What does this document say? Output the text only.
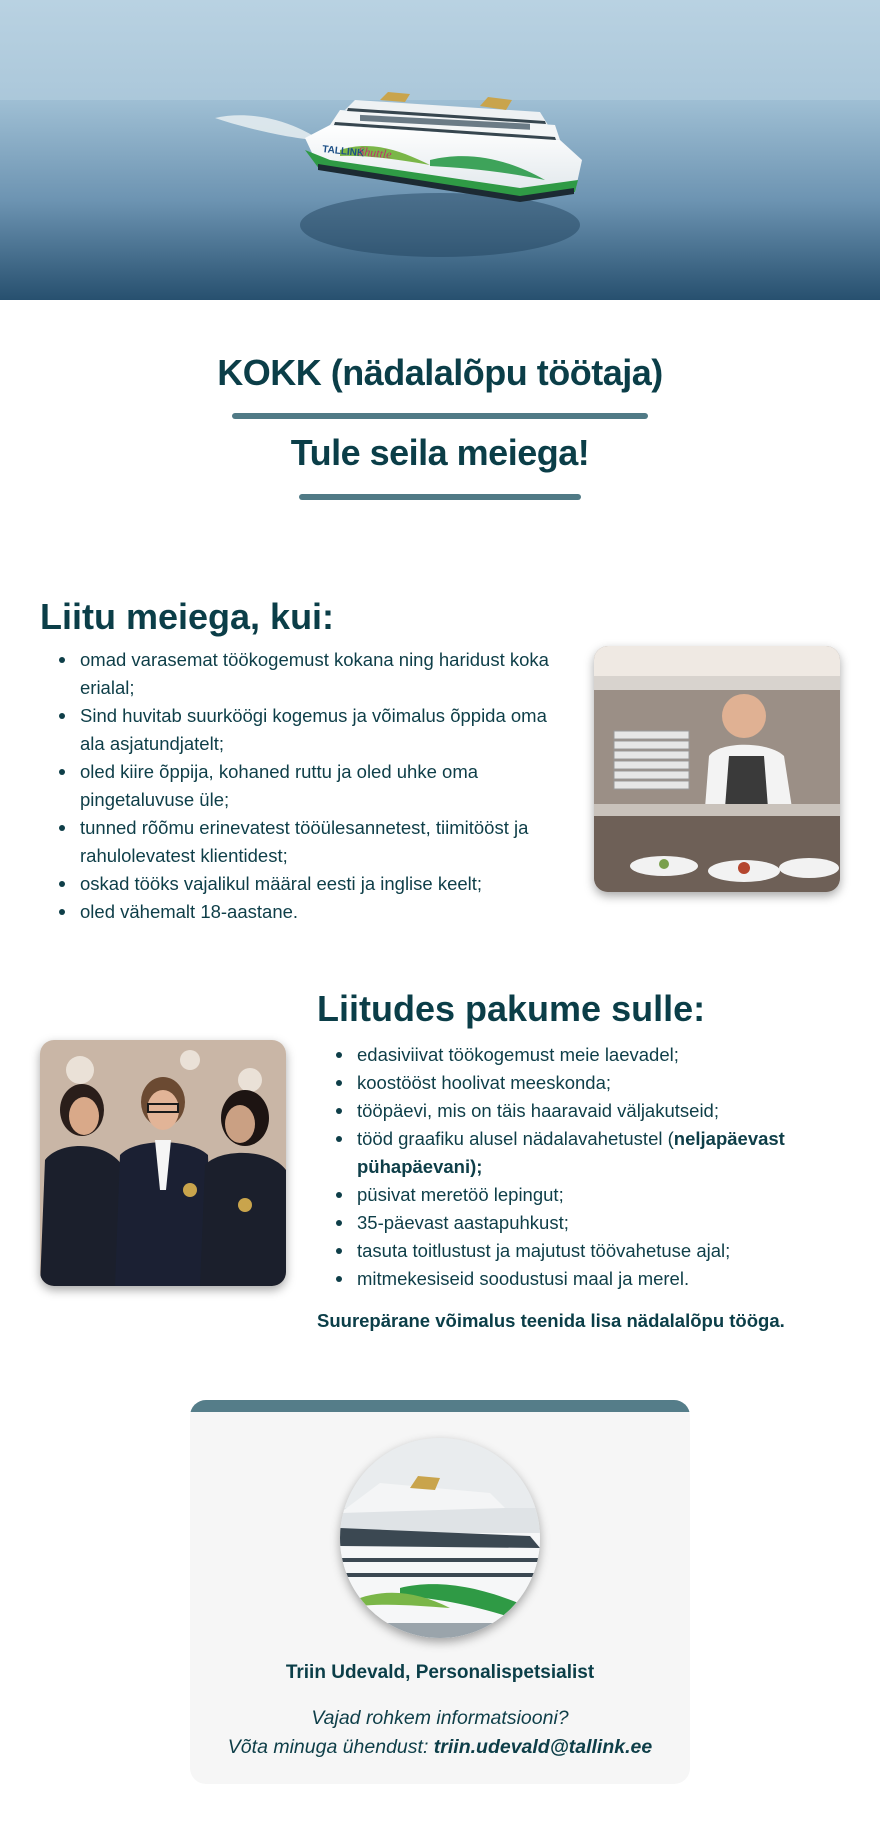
TALLINK
Shuttle
KOKK (nädalalõpu töötaja)
Tule seila meiega!
Liitu meiega, kui:
omad varasemat töökogemust kokana ning haridust koka erialal;
Sind huvitab suurköögi kogemus ja võimalus õppida oma ala asjatundjatelt;
oled kiire õppija, kohaned ruttu ja oled uhke oma pingetaluvuse üle;
tunned rõõmu erinevatest tööülesannetest, tiimitööst ja rahulolevatest klientidest;
oskad tööks vajalikul määral eesti ja inglise keelt;
oled vähemalt 18-aastane.
Liitudes pakume sulle:
edasiviivat töökogemust meie laevadel;
koostööst hoolivat meeskonda;
tööpäevi, mis on täis haaravaid väljakutseid;
tööd graafiku alusel nädalavahetustel (neljapäevast pühapäevani);
püsivat meretöö lepingut;
35-päevast aastapuhkust;
tasuta toitlustust ja majutust töövahetuse ajal;
mitmekesiseid soodustusi maal ja merel.

Suurepärane võimalus teenida lisa nädalalõpu tööga.

Triin Udevald, Personalispetsialist

Vajad rohkem informatsiooni?
Võta minuga ühendust: triin.udevald@tallink.ee
